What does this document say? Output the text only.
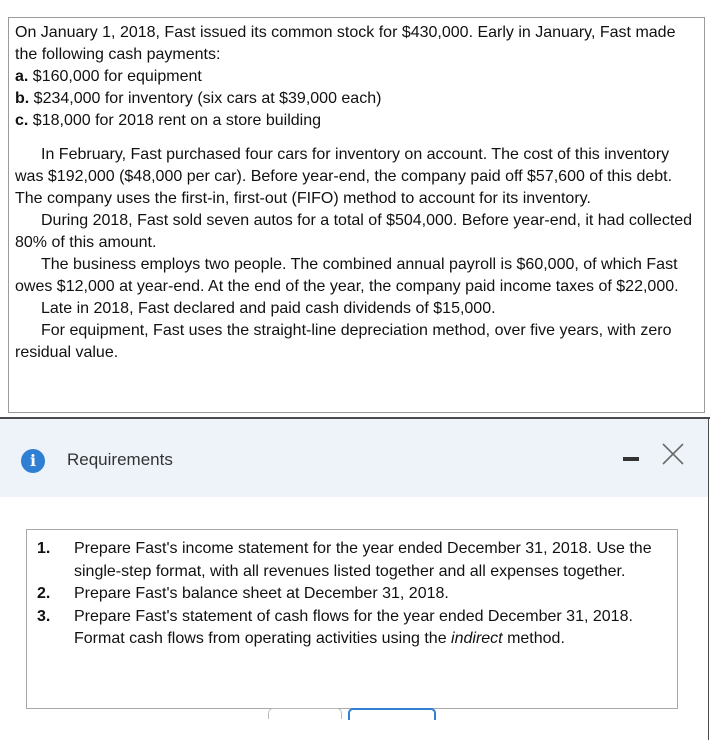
On January 1, 2018, Fast issued its common stock for $430,000. Early in January, Fast made the following cash payments:

a. $160,000 for equipment
b. $234,000 for inventory (six cars at $39,000 each)
c. $18,000 for 2018 rent on a store building

In February, Fast purchased four cars for inventory on account. The cost of this inventory was $192,000 ($48,000 per car). Before year-end, the company paid off $57,600 of this debt. The company uses the first-in, first-out (FIFO) method to account for its inventory.

During 2018, Fast sold seven autos for a total of $504,000. Before year-end, it had collected 80% of this amount.

The business employs two people. The combined annual payroll is $60,000, of which Fast owes $12,000 at year-end. At the end of the year, the company paid income taxes of $22,000.

Late in 2018, Fast declared and paid cash dividends of $15,000.

For equipment, Fast uses the straight-line depreciation method, over five years, with zero residual value.

i	Requirements
1.	Prepare Fast's income statement for the year ended December 31, 2018. Use the single-step format, with all revenues listed together and all expenses together.
2.	Prepare Fast's balance sheet at December 31, 2018.
3.	Prepare Fast's statement of cash flows for the year ended December 31, 2018. Format cash flows from operating activities using the indirect method.
